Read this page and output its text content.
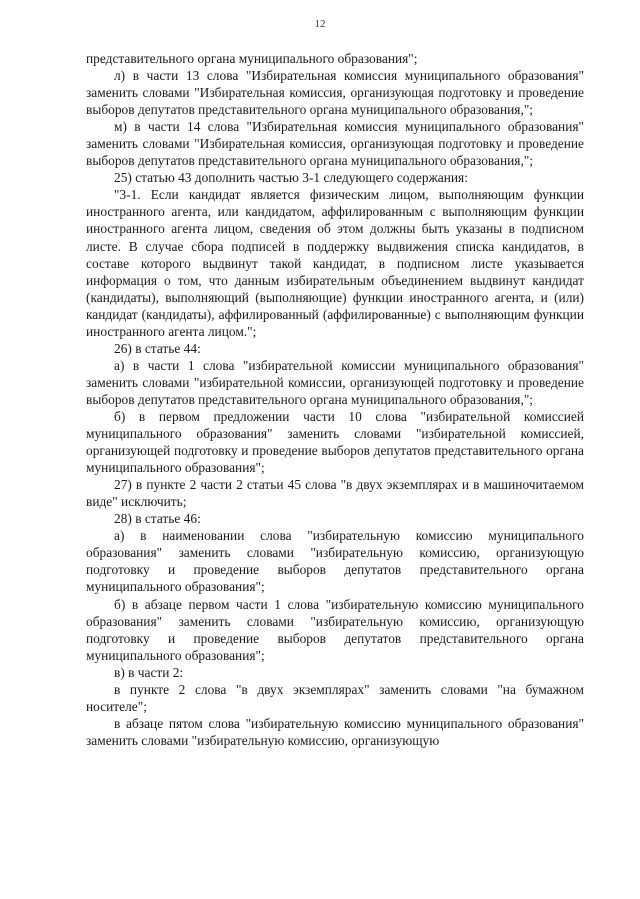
12

представительного органа муниципального образования";

л) в части 13 слова "Избирательная комиссия муниципального образования" заменить словами "Избирательная комиссия, организующая подготовку и проведение выборов депутатов представительного органа муниципального образования,";

м) в части 14 слова "Избирательная комиссия муниципального образования" заменить словами "Избирательная комиссия, организующая подготовку и проведение выборов депутатов представительного органа муниципального образования,";

25) статью 43 дополнить частью 3-1 следующего содержания:

"3-1. Если кандидат является физическим лицом, выполняющим функции иностранного агента, или кандидатом, аффилированным с выполняющим функции иностранного агента лицом, сведения об этом должны быть указаны в подписном листе. В случае сбора подписей в поддержку выдвижения списка кандидатов, в составе которого выдвинут такой кандидат, в подписном листе указывается информация о том, что данным избирательным объединением выдвинут кандидат (кандидаты), выполняющий (выполняющие) функции иностранного агента, и (или) кандидат (кандидаты), аффилированный (аффилированные) с выполняющим функции иностранного агента лицом.";

26) в статье 44:

а) в части 1 слова "избирательной комиссии муниципального образования" заменить словами "избирательной комиссии, организующей подготовку и проведение выборов депутатов представительного органа муниципального образования,";

б) в первом предложении части 10 слова "избирательной комиссией муниципального образования" заменить словами "избирательной комиссией, организующей подготовку и проведение выборов депутатов представительного органа муниципального образования";

27) в пункте 2 части 2 статьи 45 слова "в двух экземплярах и в машиночитаемом виде" исключить;

28) в статье 46:

а) в наименовании слова "избирательную комиссию муниципального образования" заменить словами "избирательную комиссию, организующую подготовку и проведение выборов депутатов представительного органа муниципального образования";

б) в абзаце первом части 1 слова "избирательную комиссию муниципального образования" заменить словами "избирательную комиссию, организующую подготовку и проведение выборов депутатов представительного органа муниципального образования";

в) в части 2:

в пункте 2 слова "в двух экземплярах" заменить словами "на бумажном носителе";

в абзаце пятом слова "избирательную комиссию муниципального образования" заменить словами "избирательную комиссию, организующую
